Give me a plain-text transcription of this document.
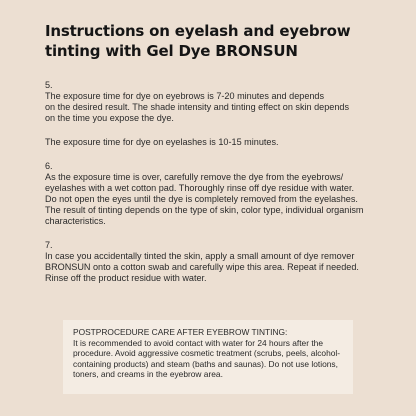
Instructions on eyelash and eyebrow tinting with Gel Dye BRONSUN

5.
The exposure time for dye on eyebrows is 7-20 minutes and depends
on the desired result. The shade intensity and tinting effect on skin depends
on the time you expose the dye.

The exposure time for dye on eyelashes is 10-15 minutes.

6.
As the exposure time is over, carefully remove the dye from the eyebrows/
eyelashes with a wet cotton pad. Thoroughly rinse off dye residue with water.
Do not open the eyes until the dye is completely removed from the eyelashes.
The result of tinting depends on the type of skin, color type, individual organism
characteristics.

7.
In case you accidentally tinted the skin, apply a small amount of dye remover
BRONSUN onto a cotton swab and carefully wipe this area. Repeat if needed.
Rinse off the product residue with water.

POSTPROCEDURE CARE AFTER EYEBROW TINTING:

It is recommended to avoid contact with water for 24 hours after the
procedure. Avoid aggressive cosmetic treatment (scrubs, peels, alcohol-
containing products) and steam (baths and saunas). Do not use lotions,
toners, and creams in the eyebrow area.
